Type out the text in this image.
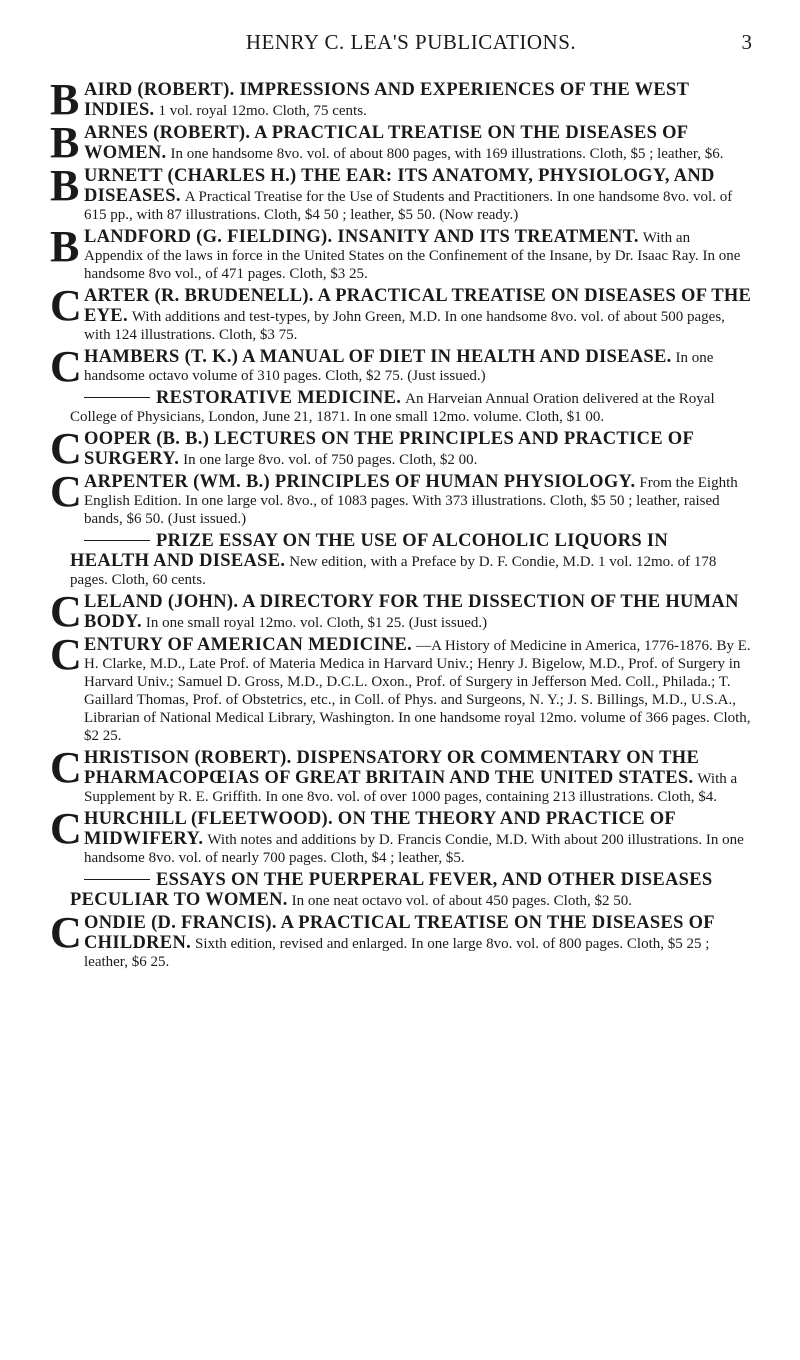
HENRY C. LEA'S PUBLICATIONS.	3
B AIRD (ROBERT). IMPRESSIONS AND EXPERIENCES OF THE WEST INDIES. 1 vol. royal 12mo. Cloth, 75 cents.
B ARNES (ROBERT). A PRACTICAL TREATISE ON THE DISEASES OF WOMEN. In one handsome 8vo. vol. of about 800 pages, with 169 illustrations. Cloth, $5 ; leather, $6.
B URNETT (CHARLES H.) THE EAR: ITS ANATOMY, PHYSIOLOGY, AND DISEASES. A Practical Treatise for the Use of Students and Practitioners. In one handsome 8vo. vol. of 615 pp., with 87 illustrations. Cloth, $4 50 ; leather, $5 50. (Now ready.)
B LANDFORD (G. FIELDING). INSANITY AND ITS TREATMENT. With an Appendix of the laws in force in the United States on the Confinement of the Insane, by Dr. Isaac Ray. In one handsome 8vo vol., of 471 pages. Cloth, $3 25.
C ARTER (R. BRUDENELL). A PRACTICAL TREATISE ON DISEASES OF THE EYE. With additions and test-types, by John Green, M.D. In one handsome 8vo. vol. of about 500 pages, with 124 illustrations. Cloth, $3 75.
C HAMBERS (T. K.) A MANUAL OF DIET IN HEALTH AND DISEASE. In one handsome octavo volume of 310 pages. Cloth, $2 75. (Just issued.)
RESTORATIVE MEDICINE. An Harveian Annual Oration delivered at the Royal College of Physicians, London, June 21, 1871. In one small 12mo. volume. Cloth, $1 00.
C OOPER (B. B.) LECTURES ON THE PRINCIPLES AND PRACTICE OF SURGERY. In one large 8vo. vol. of 750 pages. Cloth, $2 00.
C ARPENTER (WM. B.) PRINCIPLES OF HUMAN PHYSIOLOGY. From the Eighth English Edition. In one large vol. 8vo., of 1083 pages. With 373 illustrations. Cloth, $5 50 ; leather, raised bands, $6 50. (Just issued.)
PRIZE ESSAY ON THE USE OF ALCOHOLIC LIQUORS IN HEALTH AND DISEASE. New edition, with a Preface by D. F. Condie, M.D. 1 vol. 12mo. of 178 pages. Cloth, 60 cents.
C LELAND (JOHN). A DIRECTORY FOR THE DISSECTION OF THE HUMAN BODY. In one small royal 12mo. vol. Cloth, $1 25. (Just issued.)
C ENTURY OF AMERICAN MEDICINE. —A History of Medicine in America, 1776-1876. By E. H. Clarke, M.D., Late Prof. of Materia Medica in Harvard Univ.; Henry J. Bigelow, M.D., Prof. of Surgery in Harvard Univ.; Samuel D. Gross, M.D., D.C.L. Oxon., Prof. of Surgery in Jefferson Med. Coll., Philada.; T. Gaillard Thomas, Prof. of Obstetrics, etc., in Coll. of Phys. and Surgeons, N. Y.; J. S. Billings, M.D., U.S.A., Librarian of National Medical Library, Washington. In one handsome royal 12mo. volume of 366 pages. Cloth, $2 25.
C HRISTISON (ROBERT). DISPENSATORY OR COMMENTARY ON THE PHARMACOPŒIAS OF GREAT BRITAIN AND THE UNITED STATES. With a Supplement by R. E. Griffith. In one 8vo. vol. of over 1000 pages, containing 213 illustrations. Cloth, $4.
C HURCHILL (FLEETWOOD). ON THE THEORY AND PRACTICE OF MIDWIFERY. With notes and additions by D. Francis Condie, M.D. With about 200 illustrations. In one handsome 8vo. vol. of nearly 700 pages. Cloth, $4 ; leather, $5.
ESSAYS ON THE PUERPERAL FEVER, AND OTHER DISEASES PECULIAR TO WOMEN. In one neat octavo vol. of about 450 pages. Cloth, $2 50.
C ONDIE (D. FRANCIS). A PRACTICAL TREATISE ON THE DISEASES OF CHILDREN. Sixth edition, revised and enlarged. In one large 8vo. vol. of 800 pages. Cloth, $5 25 ; leather, $6 25.
